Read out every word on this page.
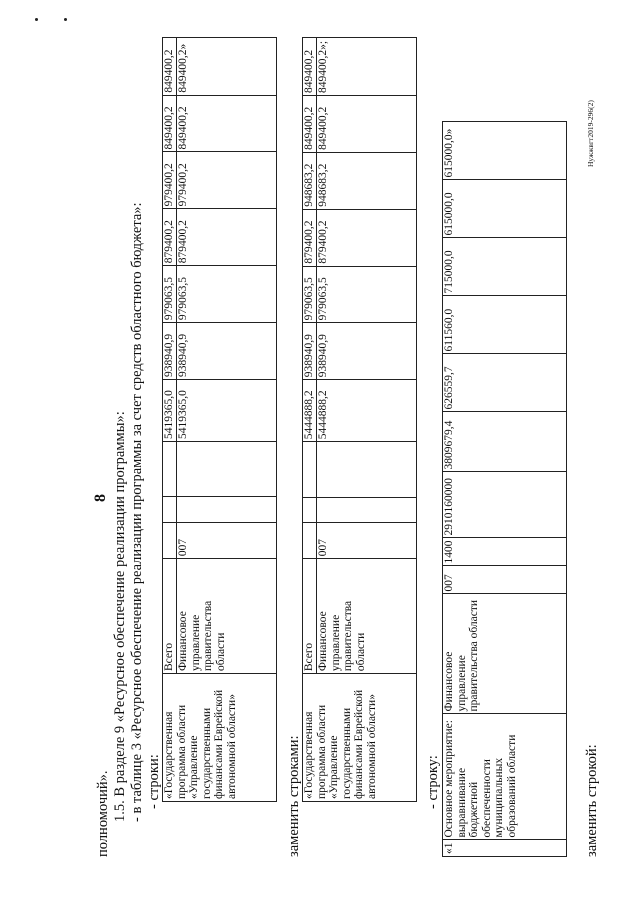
8
полномочий». 1.5. В разделе 9 «Ресурсное обеспечение реализации программы»: - в таблице 3 «Ресурсное обеспечение реализации программы за счет средств областного бюджета»: - строки: «Государственная программа области «Управление государственными финансами Еврейской автономной области»	Всего				5419365,0	938940,9	979063,5	879400,2	979400,2	849400,2	849400,2
	Финансовое управление правительства области	007			5419365,0	938940,9	979063,5	879400,2	979400,2	849400,2	849400,2»
заменить строками: «Государственная программа области «Управление государственными финансами Еврейской автономной области»	Всего				5444888,2	938940,9	979063,5	879400,2	948683,2	849400,2	849400,2
	Финансовое управление правительства области	007			5444888,2	938940,9	979063,5	879400,2	948683,2	849400,2	849400,2»;
- строку:
«1	Основное мероприятие: выравнивание бюджетной обеспеченности муниципальных образований области	Финансовое управление правительства области	007	1400	2910160000	3809679,4	626559,7	611560,0	715000,0	615000,0	615000,0»
заменить строкой:
Нужжвгт2019-296(2)
